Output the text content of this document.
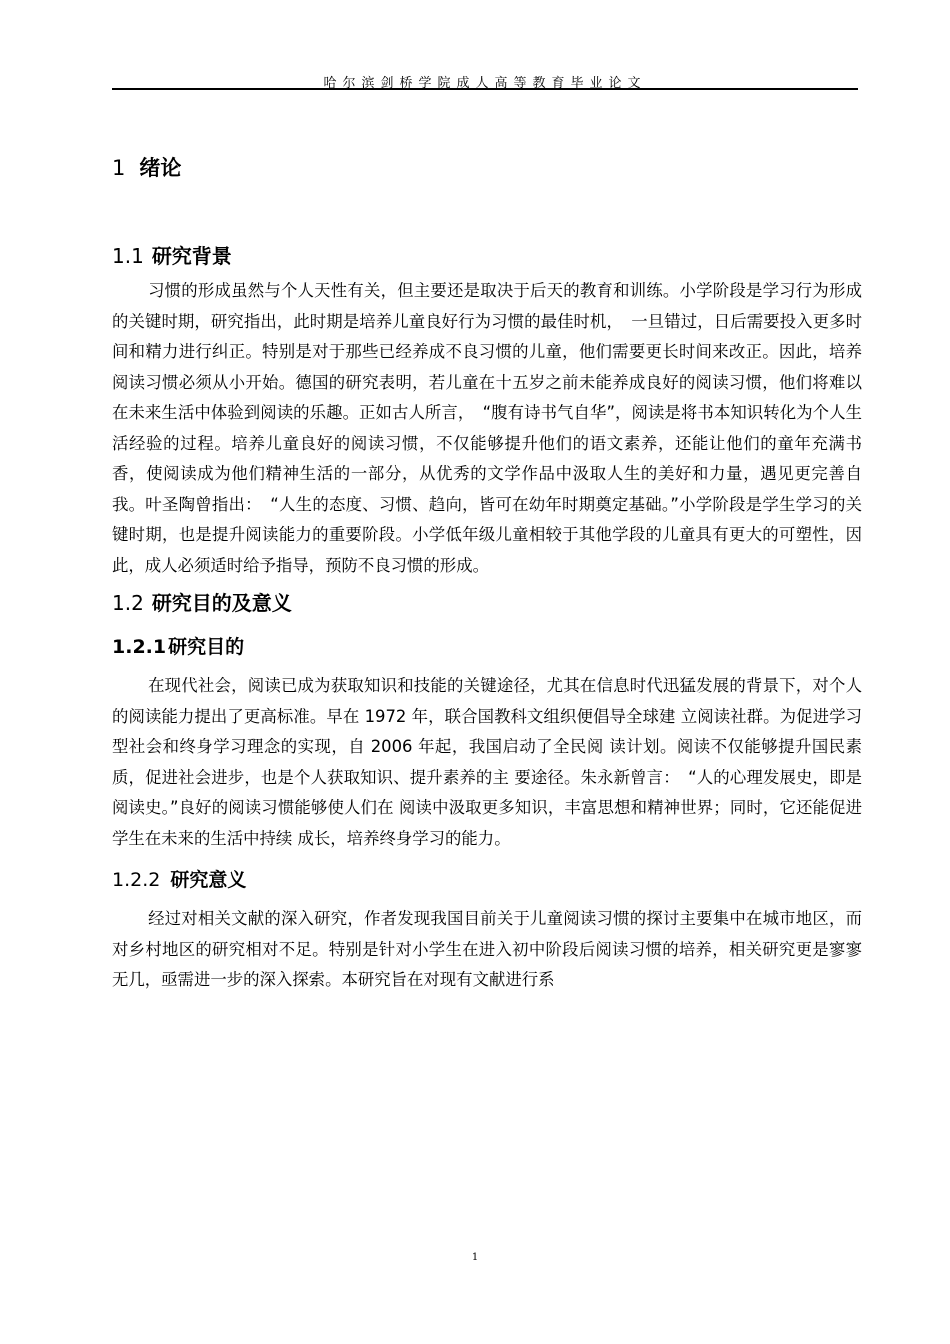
哈尔滨剑桥学院成人高等教育毕业论文
1 绪论
1.1 研究背景

习惯的形成虽然与个人天性有关，但主要还是取决于后天的教育和训练。小学阶段是学习行为形成的关键时期，研究指出，此时期是培养儿童良好行为习惯的最佳时机，　一旦错过，日后需要投入更多时间和精力进行纠正。特别是对于那些已经养成不良习惯的儿童，他们需要更长时间来改正。因此，培养阅读习惯必须从小开始。德国的研究表明，若儿童在十五岁之前未能养成良好的阅读习惯，他们将难以在未来生活中体验到阅读的乐趣。正如古人所言，　“腹有诗书气自华”，阅读是将书本知识转化为个人生活经验的过程。培养儿童良好的阅读习惯，不仅能够提升他们的语文素养，还能让他们的童年充满书香，使阅读成为他们精神生活的一部分，从优秀的文学作品中汲取人生的美好和力量，遇见更完善自我。叶圣陶曾指出：　“人生的态度、习惯、趋向，皆可在幼年时期奠定基础。”小学阶段是学生学习的关键时期，也是提升阅读能力的重要阶段。小学低年级儿童相较于其他学段的儿童具有更大的可塑性，因此，成人必须适时给予指导，预防不良习惯的形成。

1.2 研究目的及意义
1.2.1 研究目的

在现代社会，阅读已成为获取知识和技能的关键途径，尤其在信息时代迅猛发展的背景下，对个人的阅读能力提出了更高标准。早在 1972 年，联合国教科文组织便倡导全球建 立阅读社群。为促进学习型社会和终身学习理念的实现，自 2006 年起，我国启动了全民阅 读计划。阅读不仅能够提升国民素质，促进社会进步，也是个人获取知识、提升素养的主 要途径。朱永新曾言：　“人的心理发展史，即是阅读史。”良好的阅读习惯能够使人们在 阅读中汲取更多知识，丰富思想和精神世界；同时，它还能促进学生在未来的生活中持续 成长，培养终身学习的能力。

1.2.2 研究意义

经过对相关文献的深入研究，作者发现我国目前关于儿童阅读习惯的探讨主要集中在城市地区，而对乡村地区的研究相对不足。特别是针对小学生在进入初中阶段后阅读习惯的培养，相关研究更是寥寥无几，亟需进一步的深入探索。本研究旨在对现有文献进行系

1
